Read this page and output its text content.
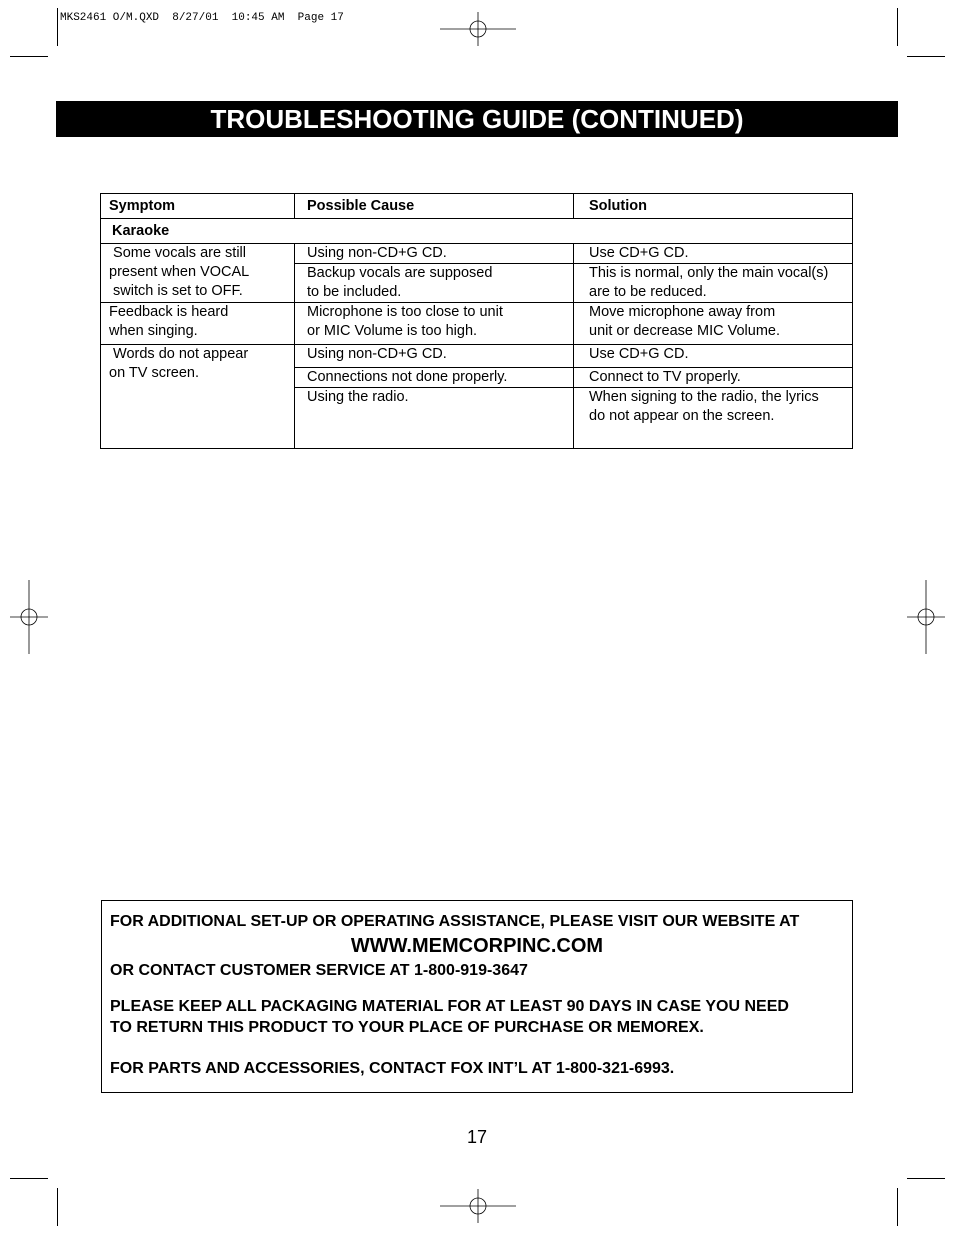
MKS2461 O/M.QXD  8/27/01  10:45 AM  Page 17
TROUBLESHOOTING GUIDE (CONTINUED)
Symptom	Possible Cause	Solution
Karaoke		

Some vocals are still
present when VOCAL
switch is set to OFF.	Using non-CD+G CD.	Use CD+G CD.

	Backup vocals are supposed
to be included.	This is normal, only the main vocal(s)
are to be reduced.

Feedback is heard
when singing.	Microphone is too close to unit
or MIC Volume is too high.	Move microphone away from
unit or decrease MIC Volume.

Words do not appear
on TV screen.	Using non-CD+G CD.	Use CD+G CD.

	Connections not done properly.	Connect to TV properly.

	Using the radio.	When signing to the radio, the lyrics
do not appear on the screen.
FOR ADDITIONAL SET-UP OR OPERATING ASSISTANCE, PLEASE VISIT OUR WEBSITE AT
WWW.MEMCORPINC.COM
OR CONTACT CUSTOMER SERVICE AT 1-800-919-3647
PLEASE KEEP ALL PACKAGING MATERIAL FOR AT LEAST 90 DAYS IN CASE YOU NEED
TO RETURN THIS PRODUCT TO YOUR PLACE OF PURCHASE OR MEMOREX.
FOR PARTS AND ACCESSORIES, CONTACT FOX INT’L AT 1-800-321-6993.
17
